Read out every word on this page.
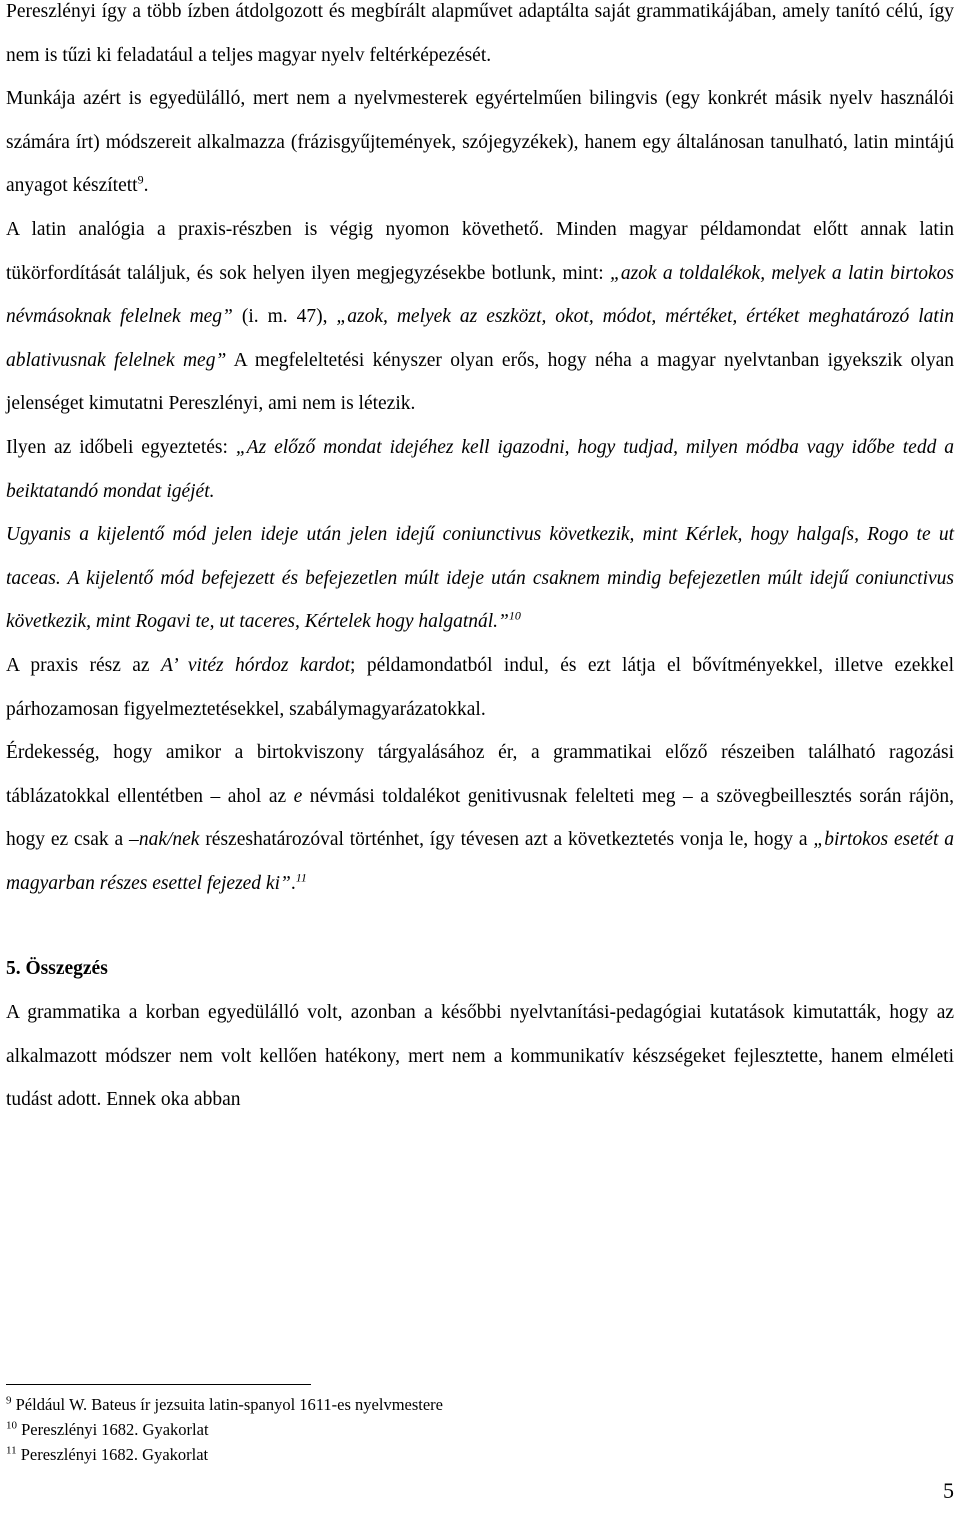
Pereszlényi így a több ízben átdolgozott és megbírált alapművet adaptálta saját grammatikájában, amely tanító célú, így nem is tűzi ki feladatául a teljes magyar nyelv feltérképezését.

Munkája azért is egyedülálló, mert nem a nyelvmesterek egyértelműen bilingvis (egy konkrét másik nyelv használói számára írt) módszereit alkalmazza (frázisgyűjtemények, szójegyzékek), hanem egy általánosan tanulható, latin mintájú anyagot készített$^9$.

A latin analógia a praxis-részben is végig nyomon követhető. Minden magyar példamondat előtt annak latin tükörfordítását találjuk, és sok helyen ilyen megjegyzésekbe botlunk, mint: „azok a toldalékok, melyek a latin birtokos névmásoknak felelnek meg” (i. m. 47), „azok, melyek az eszközt, okot, módot, mértéket, értéket meghatározó latin ablativusnak felelnek meg” A megfeleltetési kényszer olyan erős, hogy néha a magyar nyelvtanban igyekszik olyan jelenséget kimutatni Pereszlényi, ami nem is létezik.

Ilyen az időbeli egyeztetés: „Az előző mondat idejéhez kell igazodni, hogy tudjad, milyen módba vagy időbe tedd a beiktatandó mondat igéjét.

Ugyanis a kijelentő mód jelen ideje után jelen idejű coniunctivus következik, mint Kérlek, hogy halgaſs, Rogo te ut taceas. A kijelentő mód befejezett és befejezetlen múlt ideje után csaknem mindig befejezetlen múlt idejű coniunctivus következik, mint Rogavi te, ut taceres, Kértelek hogy halgatnál.”$^{10}$

A praxis rész az A’ vitéz hórdoz kardot; példamondatból indul, és ezt látja el bővítményekkel, illetve ezekkel párhozamosan figyelmeztetésekkel, szabálymagyarázatokkal.

Érdekesség, hogy amikor a birtokviszony tárgyalásához ér, a grammatikai előző részeiben található ragozási táblázatokkal ellentétben – ahol az e névmási toldalékot genitivusnak felelteti meg – a szövegbeillesztés során rájön, hogy ez csak a –nak/nek részeshatározóval történhet, így tévesen azt a következtetés vonja le, hogy a „birtokos esetét a magyarban részes esettel fejezed ki”.$^{11}$

5. Összegzés

A grammatika a korban egyedülálló volt, azonban a későbbi nyelvtanítási-pedagógiai kutatások kimutatták, hogy az alkalmazott módszer nem volt kellően hatékony, mert nem a kommunikatív készségeket fejlesztette, hanem elméleti tudást adott. Ennek oka abban

$^9$ Például W. Bateus ír jezsuita latin-spanyol 1611-es nyelvmestere
$^{10}$ Pereszlényi 1682. Gyakorlat
$^{11}$ Pereszlényi 1682. Gyakorlat
5
